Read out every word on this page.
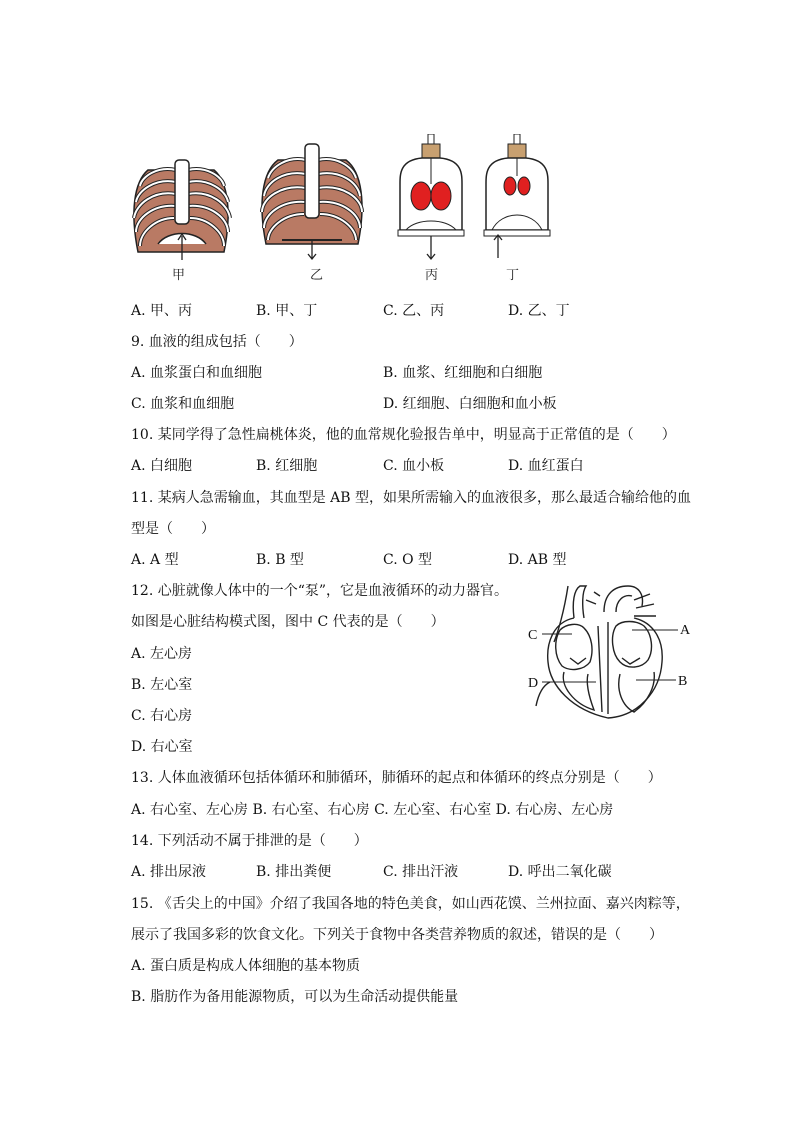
甲	乙	丙	丁
A. 甲、丙	B. 甲、丁	C. 乙、丙	D. 乙、丁
9. 血液的组成包括（　　）
A. 血浆蛋白和血细胞	B. 血浆、红细胞和白细胞
C. 血浆和血细胞	D. 红细胞、白细胞和血小板
10. 某同学得了急性扁桃体炎，他的血常规化验报告单中，明显高于正常值的是（　　）
A. 白细胞	B. 红细胞	C. 血小板	D. 血红蛋白
11. 某病人急需输血，其血型是 AB 型，如果所需输入的血液很多，那么最适合输给他的血
型是（　　）
A. A 型	B. B 型	C. O 型	D. AB 型
12. 心脏就像人体中的一个“泵”，它是血液循环的动力器官。
如图是心脏结构模式图，图中 C 代表的是（　　）
A. 左心房
B. 左心室
C. 右心房
D. 右心室
A
B
C
D
13. 人体血液循环包括体循环和肺循环，肺循环的起点和体循环的终点分别是（　　）
A. 右心室、左心房 B. 右心室、右心房 C. 左心室、右心室 D. 右心房、左心房
14. 下列活动不属于排泄的是（　　）
A. 排出尿液	B. 排出粪便	C. 排出汗液	D. 呼出二氧化碳
15. 《舌尖上的中国》介绍了我国各地的特色美食，如山西花馍、兰州拉面、嘉兴肉粽等，
展示了我国多彩的饮食文化。下列关于食物中各类营养物质的叙述，错误的是（　　）
A. 蛋白质是构成人体细胞的基本物质
B. 脂肪作为备用能源物质，可以为生命活动提供能量
